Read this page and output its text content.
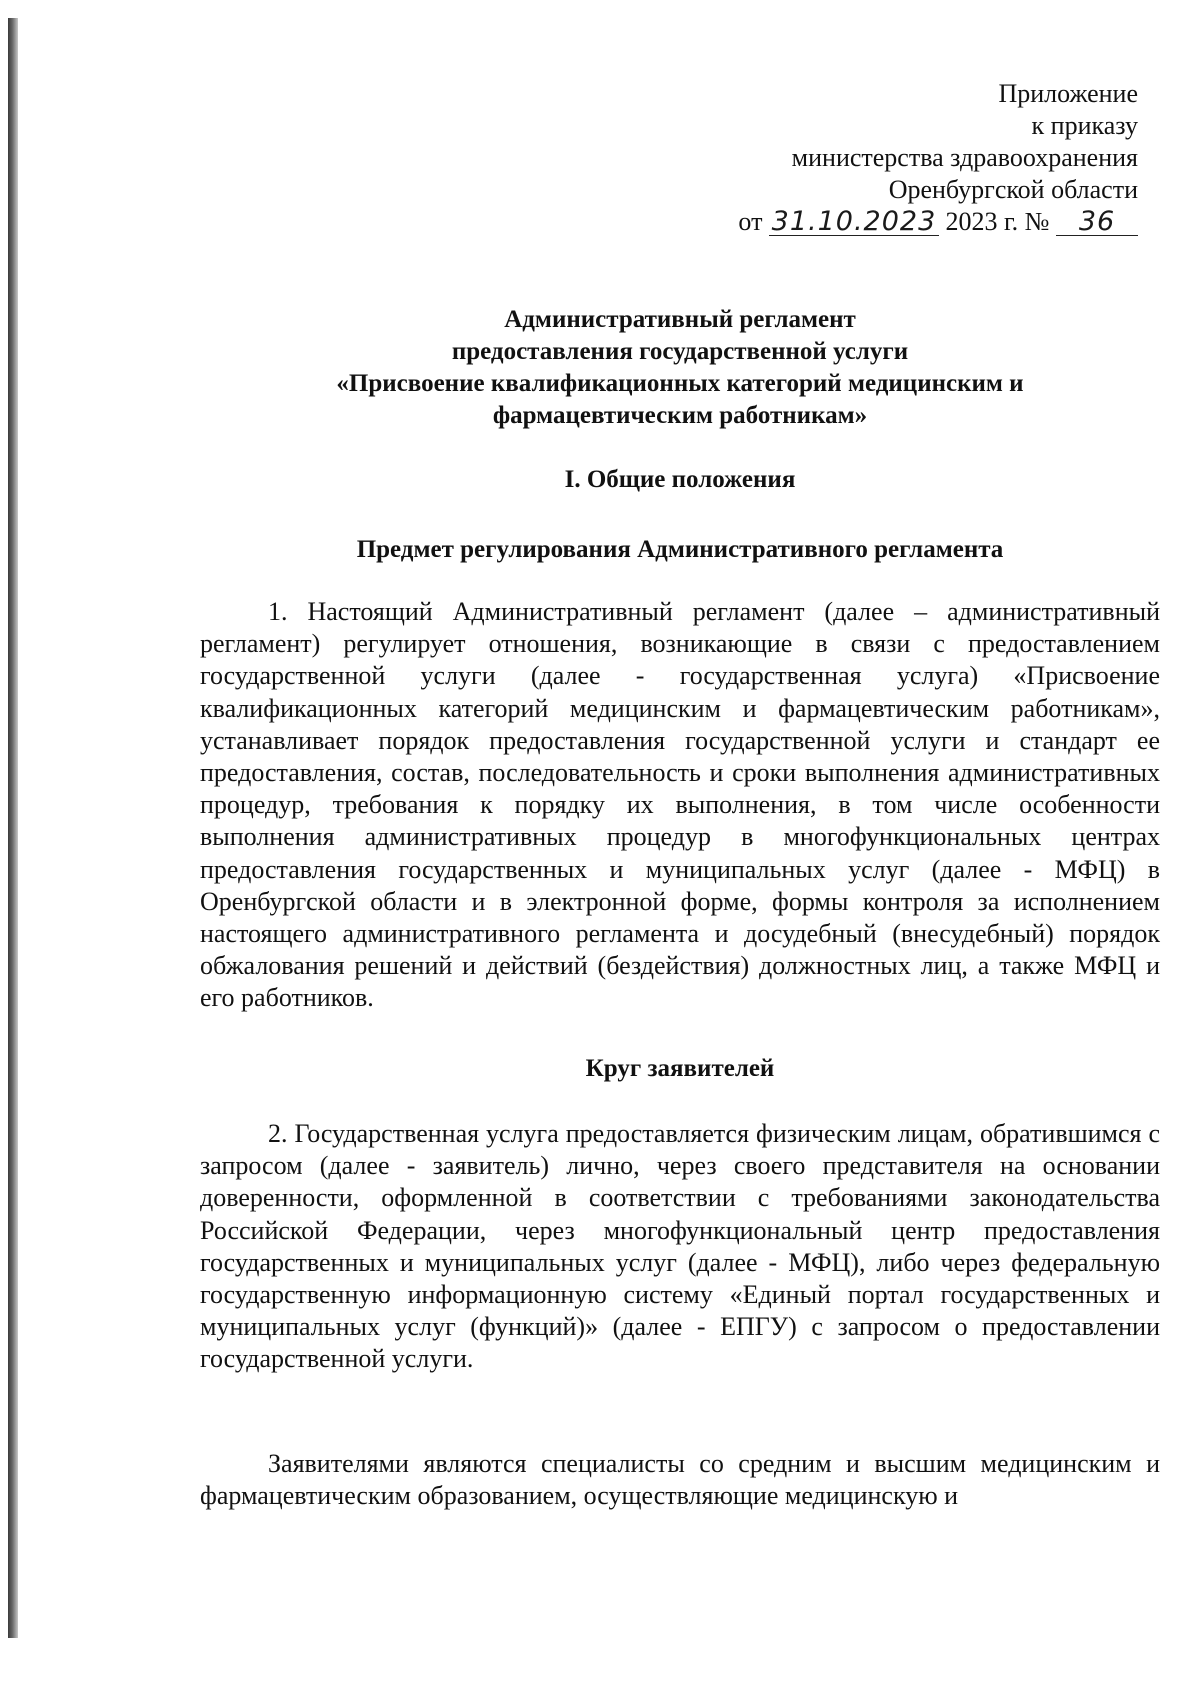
Приложение
к приказу
министерства здравоохранения
Оренбургской области
от 31.10.2023 2023 г. № 36
Административный регламент
предоставления государственной услуги
«Присвоение квалификационных категорий медицинским и
фармацевтическим работникам»
I. Общие положения
Предмет регулирования Административного регламента

1. Настоящий Административный регламент (далее – административный регламент) регулирует отношения, возникающие в связи с предоставлением государственной услуги (далее - государственная услуга) «Присвоение квалификационных категорий медицинским и фармацевтическим работникам», устанавливает порядок предоставления государственной услуги и стандарт ее предоставления, состав, последовательность и сроки выполнения административных процедур, требования к порядку их выполнения, в том числе особенности выполнения административных процедур в многофункциональных центрах предоставления государственных и муниципальных услуг (далее - МФЦ) в Оренбургской области и в электронной форме, формы контроля за исполнением настоящего административного регламента и досудебный (внесудебный) порядок обжалования решений и действий (бездействия) должностных лиц, а также МФЦ и его работников.

Круг заявителей

2. Государственная услуга предоставляется физическим лицам, обратившимся с запросом (далее - заявитель) лично, через своего представителя на основании доверенности, оформленной в соответствии с требованиями законодательства Российской Федерации, через многофункциональный центр предоставления государственных и муниципальных услуг (далее - МФЦ), либо через федеральную государственную информационную систему «Единый портал государственных и муниципальных услуг (функций)» (далее - ЕПГУ) с запросом о предоставлении государственной услуги.

Заявителями являются специалисты со средним и высшим медицинским и фармацевтическим образованием, осуществляющие медицинскую и
